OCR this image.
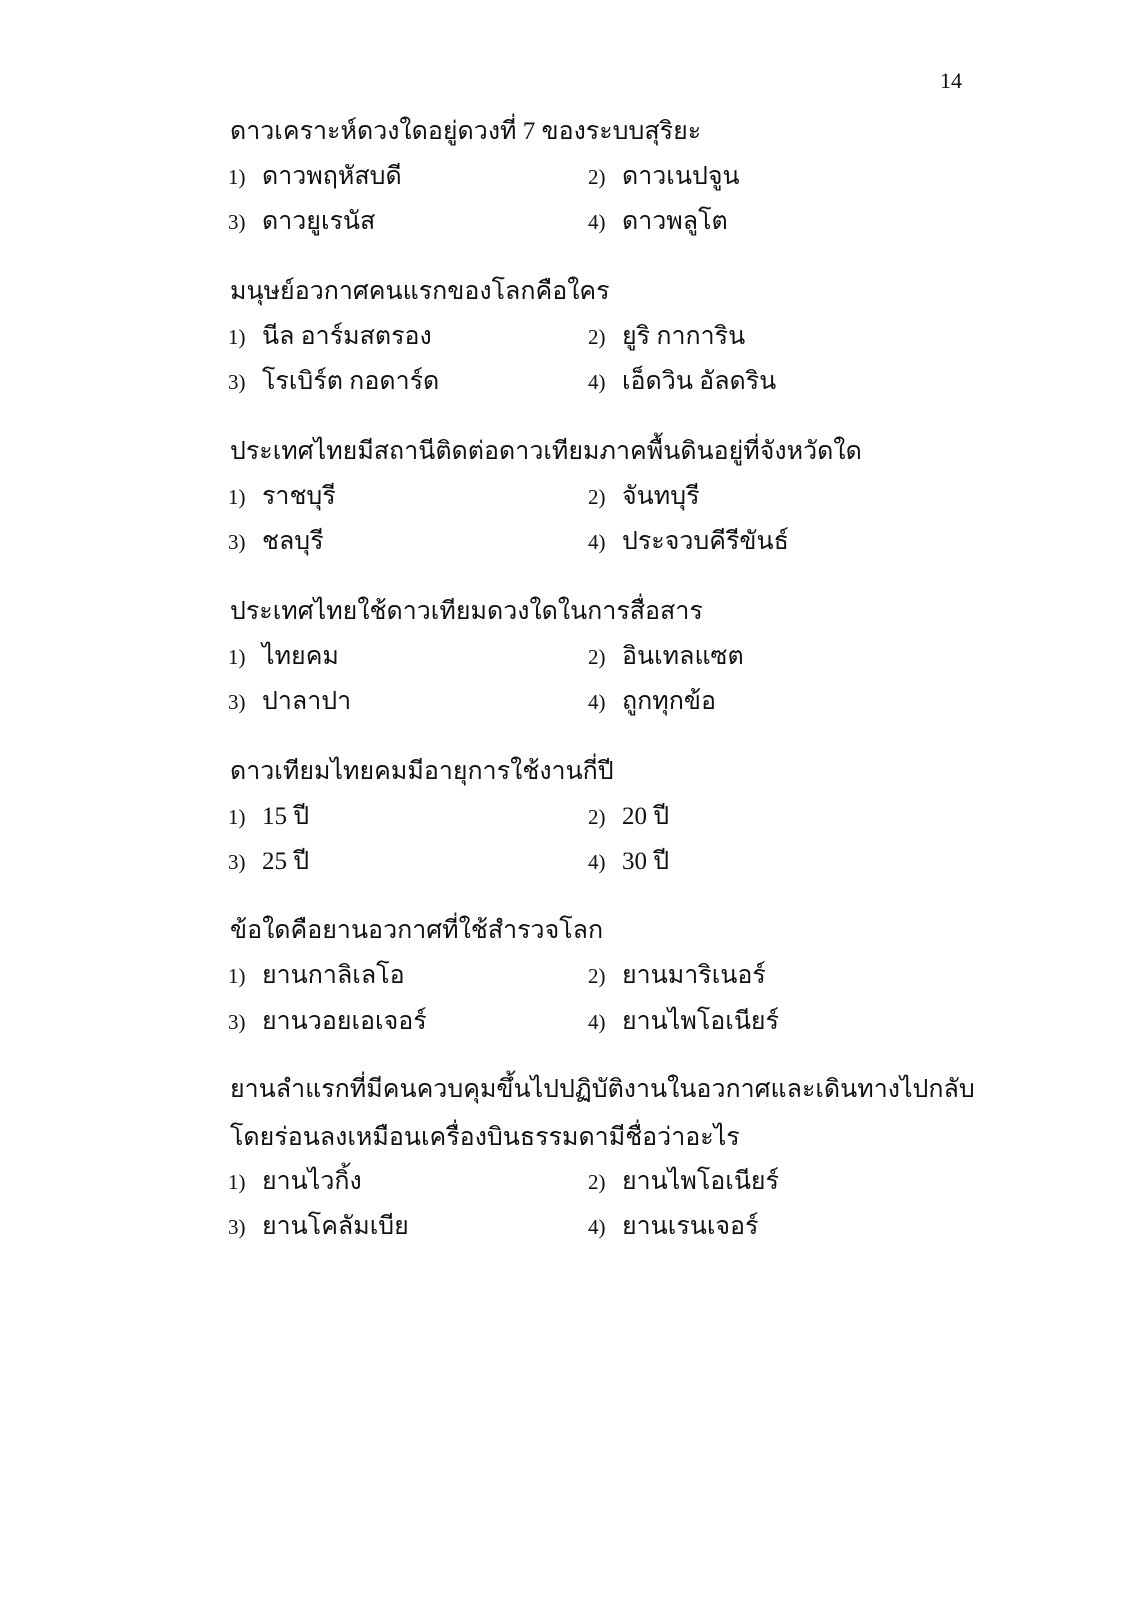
14
ดาวเคราะห์ดวงใดอยู่ดวงที่ 7 ของระบบสุริยะ
1) ดาวพฤหัสบดี	2) ดาวเนปจูน
3) ดาวยูเรนัส	4) ดาวพลูโต
มนุษย์อวกาศคนแรกของโลกคือใคร
1) นีล อาร์มสตรอง	2) ยูริ กาการิน
3) โรเบิร์ต กอดาร์ด	4) เอ็ดวิน อัลดริน
ประเทศไทยมีสถานีติดต่อดาวเทียมภาคพื้นดินอยู่ที่จังหวัดใด
1) ราชบุรี	2) จันทบุรี
3) ชลบุรี	4) ประจวบคีรีขันธ์
ประเทศไทยใช้ดาวเทียมดวงใดในการสื่อสาร
1) ไทยคม	2) อินเทลแซต
3) ปาลาปา	4) ถูกทุกข้อ
ดาวเทียมไทยคมมีอายุการใช้งานกี่ปี
1) 15 ปี	2) 20 ปี
3) 25 ปี	4) 30 ปี
ข้อใดคือยานอวกาศที่ใช้สำรวจโลก
1) ยานกาลิเลโอ	2) ยานมาริเนอร์
3) ยานวอยเอเจอร์	4) ยานไพโอเนียร์
ยานลำแรกที่มีคนควบคุมขึ้นไปปฏิบัติงานในอวกาศและเดินทางไปกลับ
โดยร่อนลงเหมือนเครื่องบินธรรมดามีชื่อว่าอะไร
1) ยานไวกิ้ง	2) ยานไพโอเนียร์
3) ยานโคลัมเบีย	4) ยานเรนเจอร์
